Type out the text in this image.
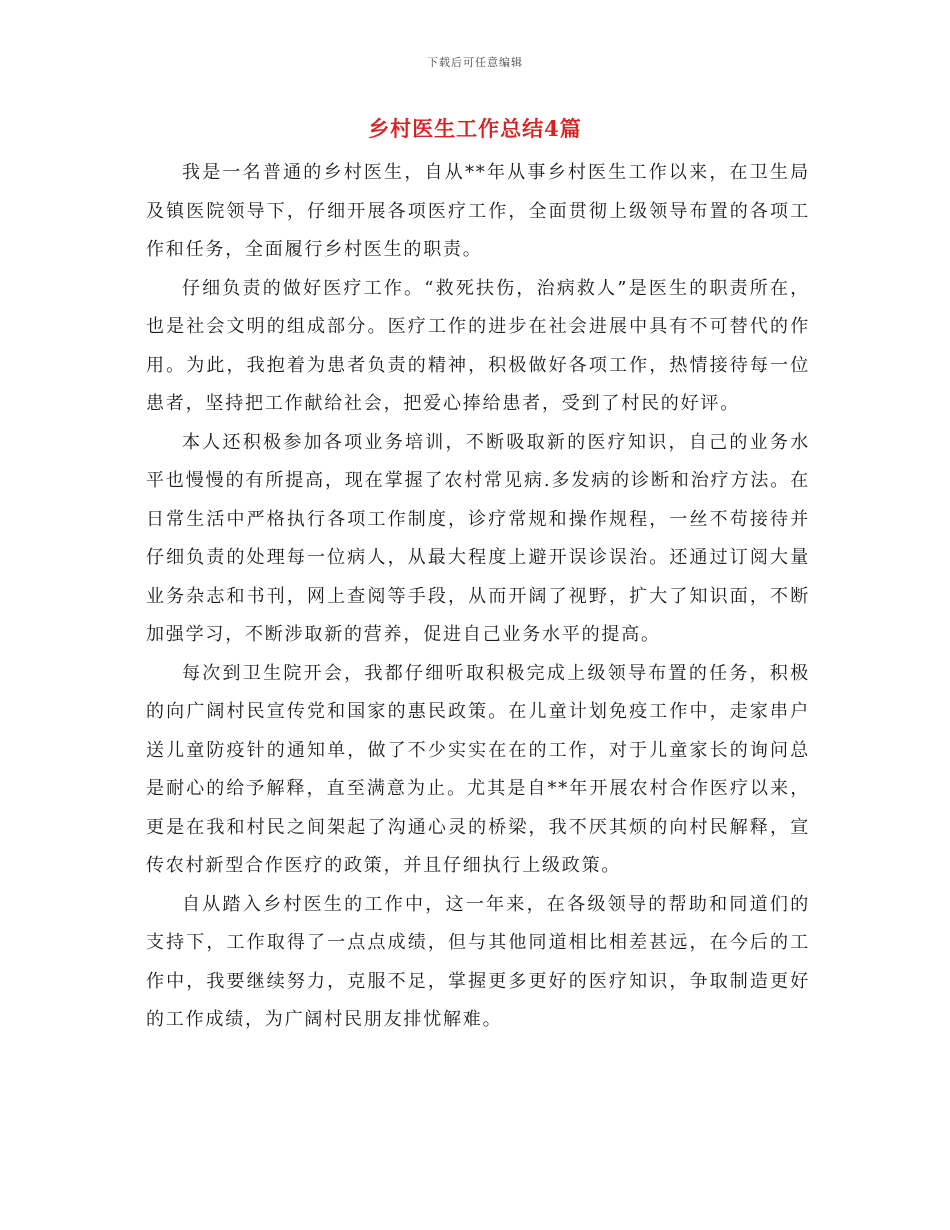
下载后可任意编辑
乡村医生工作总结4篇

我是一名普通的乡村医生，自从**年从事乡村医生工作以来，在卫生局及镇医院领导下，仔细开展各项医疗工作，全面贯彻上级领导布置的各项工作和任务，全面履行乡村医生的职责。

仔细负责的做好医疗工作。“救死扶伤，治病救人”是医生的职责所在，也是社会文明的组成部分。医疗工作的进步在社会进展中具有不可替代的作用。为此，我抱着为患者负责的精神，积极做好各项工作，热情接待每一位患者，坚持把工作献给社会，把爱心捧给患者，受到了村民的好评。

本人还积极参加各项业务培训，不断吸取新的医疗知识，自己的业务水平也慢慢的有所提高，现在掌握了农村常见病.多发病的诊断和治疗方法。在日常生活中严格执行各项工作制度，诊疗常规和操作规程，一丝不苟接待并仔细负责的处理每一位病人，从最大程度上避开误诊误治。还通过订阅大量业务杂志和书刊，网上查阅等手段，从而开阔了视野，扩大了知识面，不断加强学习，不断涉取新的营养，促进自己业务水平的提高。

每次到卫生院开会，我都仔细听取积极完成上级领导布置的任务，积极的向广阔村民宣传党和国家的惠民政策。在儿童计划免疫工作中，走家串户送儿童防疫针的通知单，做了不少实实在在的工作，对于儿童家长的询问总是耐心的给予解释，直至满意为止。尤其是自**年开展农村合作医疗以来，更是在我和村民之间架起了沟通心灵的桥梁，我不厌其烦的向村民解释，宣传农村新型合作医疗的政策，并且仔细执行上级政策。

自从踏入乡村医生的工作中，这一年来，在各级领导的帮助和同道们的支持下，工作取得了一点点成绩，但与其他同道相比相差甚远，在今后的工作中，我要继续努力，克服不足，掌握更多更好的医疗知识，争取制造更好的工作成绩，为广阔村民朋友排忧解难。
